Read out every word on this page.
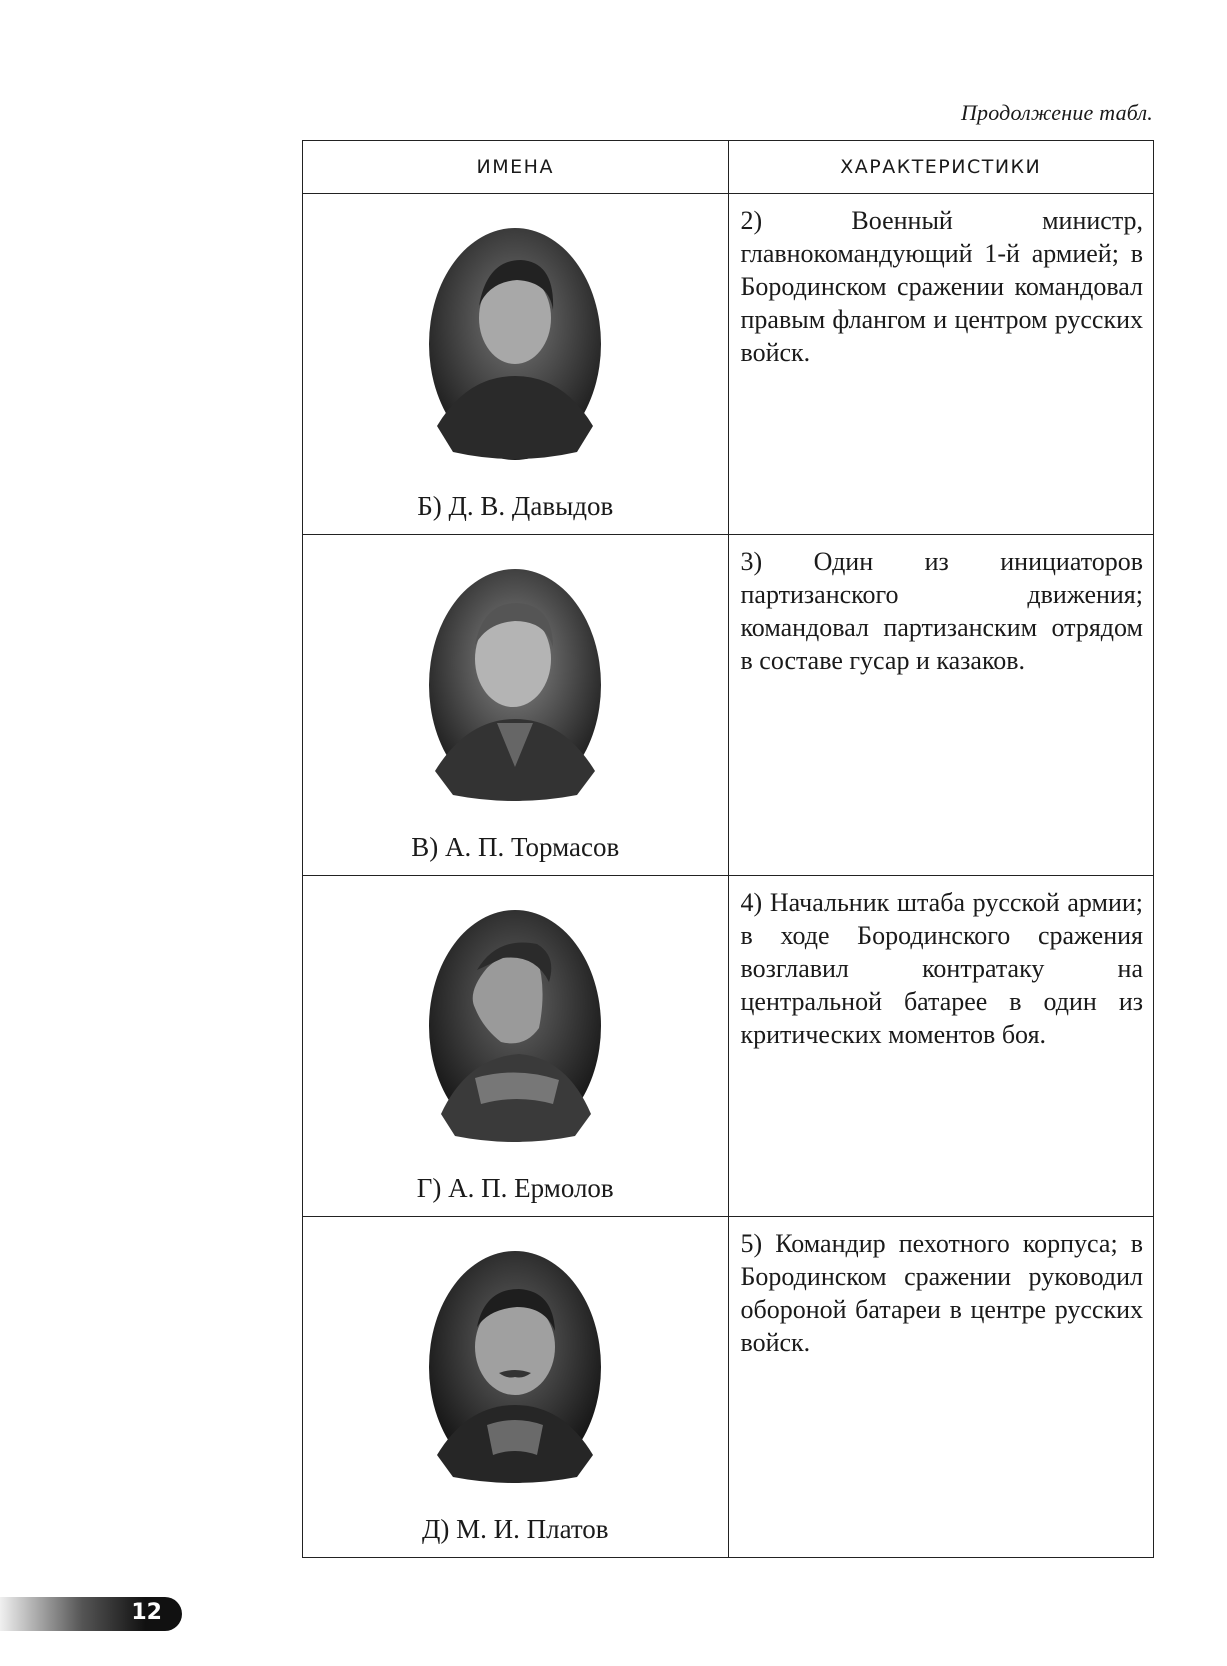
Продолжение табл.
ИМЕНА	ХАРАКТЕРИСТИКИ

Б) Д. В. Давыдов	2) Военный министр, главнокомандующий 1-й армией; в Бородинском сражении командовал правым флангом и центром русских войск.

В) А. П. Тормасов	3) Один из инициаторов партизанского движения; командовал партизанским отрядом в составе гусар и казаков.

Г) А. П. Ермолов	4) Начальник штаба русской армии; в ходе Бородинского сражения возглавил контратаку на центральной батарее в один из критических моментов боя.

Д) М. И. Платов	5) Командир пехотного корпуса; в Бородинском сражении руководил обороной батареи в центре русских войск.
12
